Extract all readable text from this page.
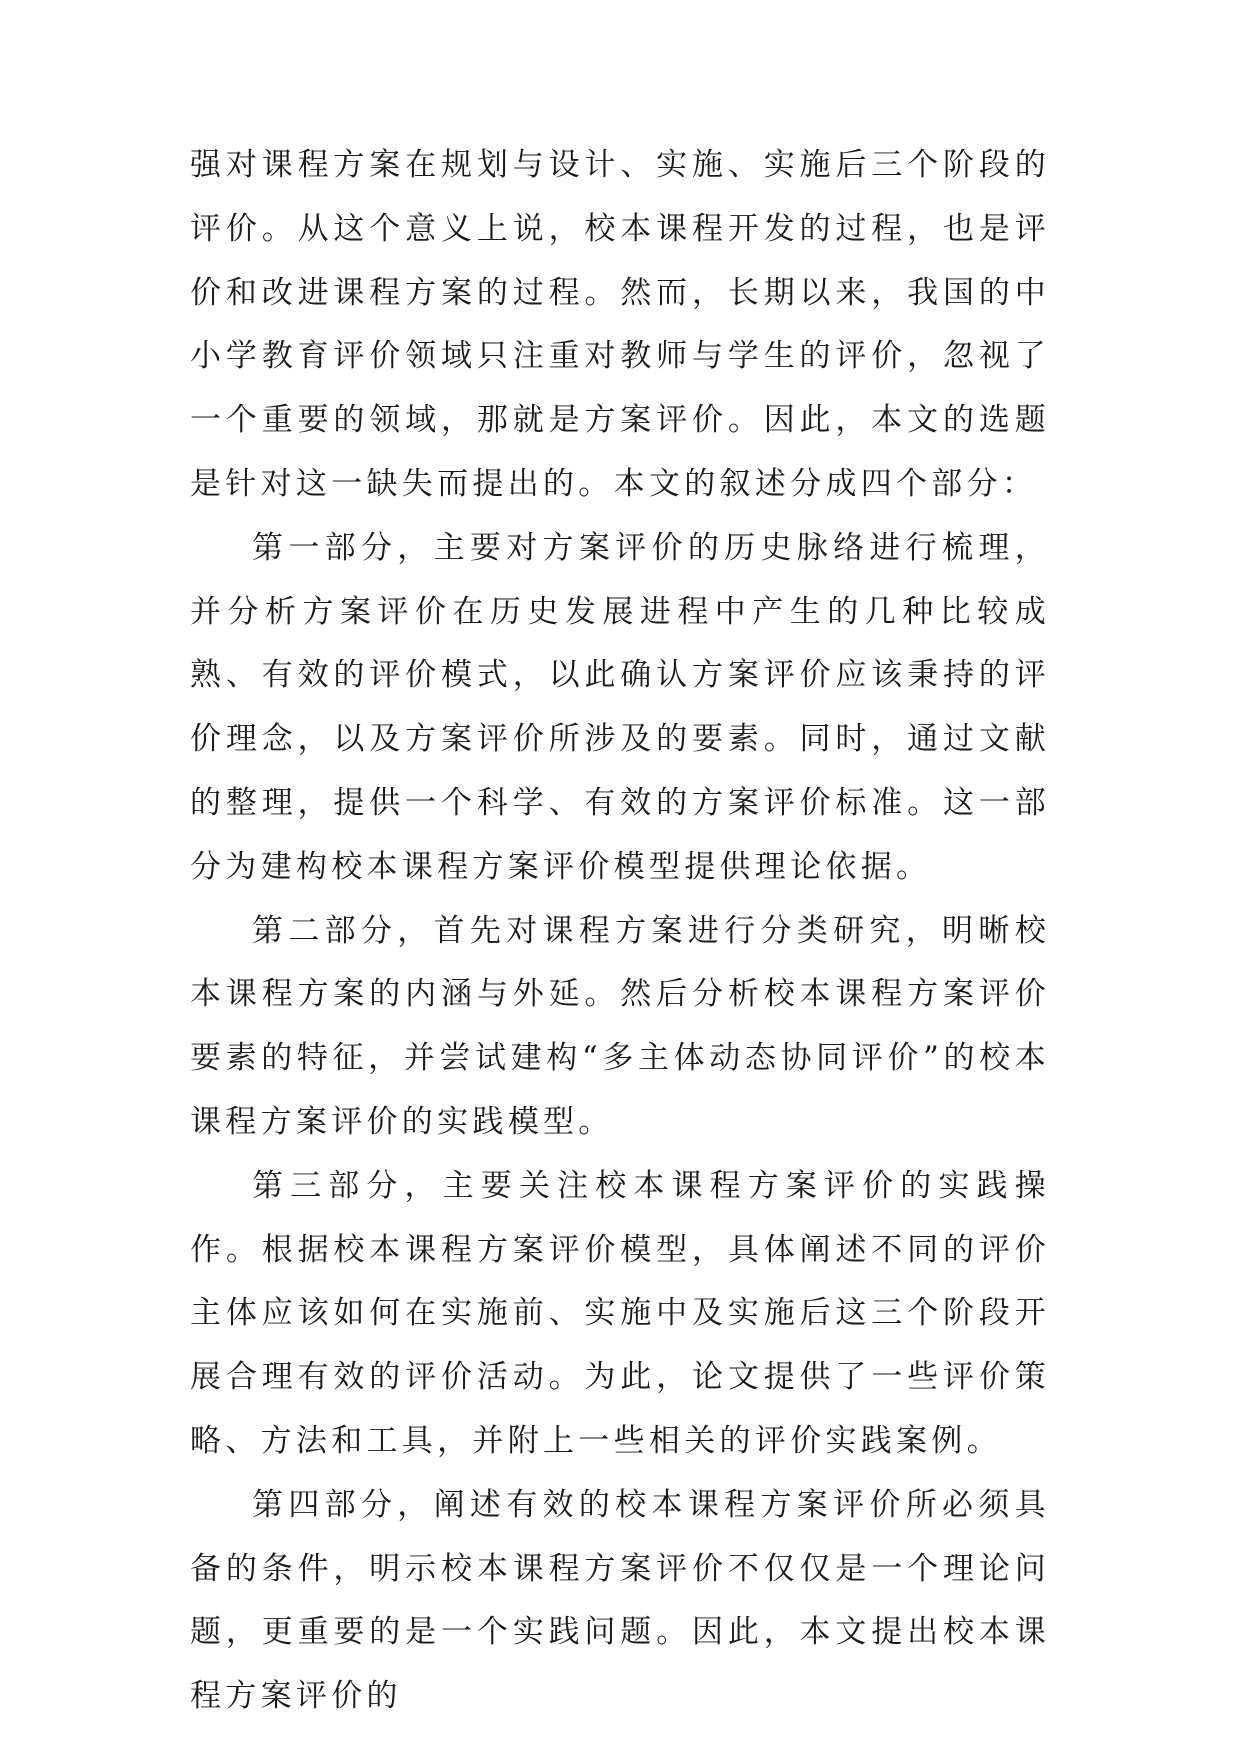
强对课程方案在规划与设计、实施、实施后三个阶段的评价。从这个意义上说，校本课程开发的过程，也是评价和改进课程方案的过程。然而，长期以来，我国的中小学教育评价领域只注重对教师与学生的评价，忽视了一个重要的领域，那就是方案评价。因此，本文的选题是针对这一缺失而提出的。本文的叙述分成四个部分：

第一部分，主要对方案评价的历史脉络进行梳理，并分析方案评价在历史发展进程中产生的几种比较成熟、有效的评价模式，以此确认方案评价应该秉持的评价理念，以及方案评价所涉及的要素。同时，通过文献的整理，提供一个科学、有效的方案评价标准。这一部分为建构校本课程方案评价模型提供理论依据。

第二部分，首先对课程方案进行分类研究，明晰校本课程方案的内涵与外延。然后分析校本课程方案评价要素的特征，并尝试建构“多主体动态协同评价”的校本课程方案评价的实践模型。

第三部分，主要关注校本课程方案评价的实践操作。根据校本课程方案评价模型，具体阐述不同的评价主体应该如何在实施前、实施中及实施后这三个阶段开展合理有效的评价活动。为此，论文提供了一些评价策略、方法和工具，并附上一些相关的评价实践案例。

第四部分，阐述有效的校本课程方案评价所必须具备的条件，明示校本课程方案评价不仅仅是一个理论问题，更重要的是一个实践问题。因此，本文提出校本课程方案评价的
